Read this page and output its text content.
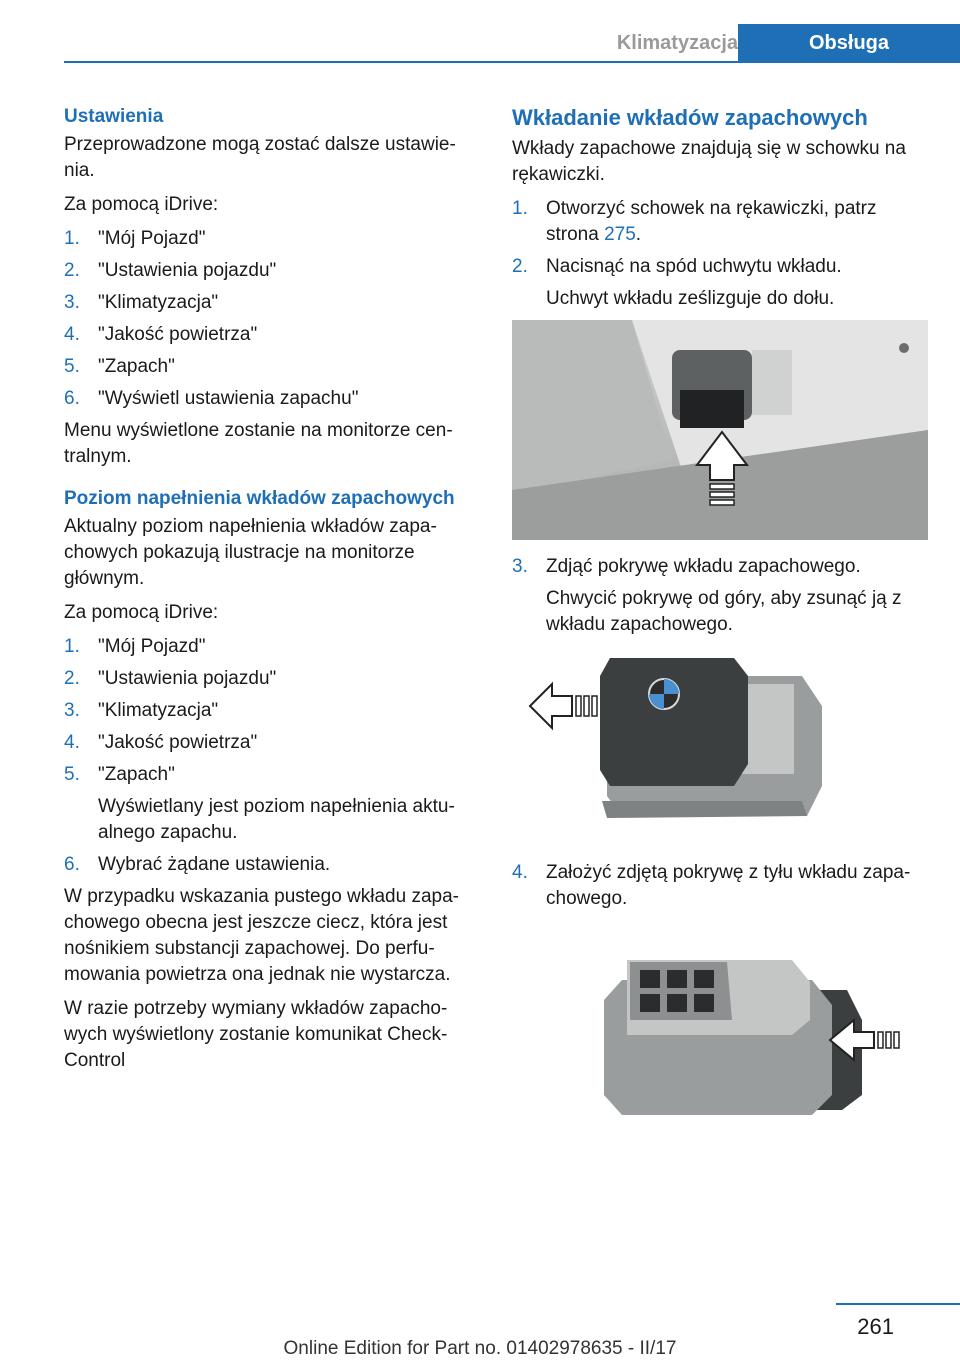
Klimatyzacja	Obsługa
Ustawienia

Przeprowadzone mogą zostać dalsze ustawienia.

Za pomocą iDrive:

1. "Mój Pojazd"
2. "Ustawienia pojazdu"
3. "Klimatyzacja"
4. "Jakość powietrza"
5. "Zapach"
6. "Wyświetl ustawienia zapachu"

Menu wyświetlone zostanie na monitorze centralnym.

Poziom napełnienia wkładów zapachowych

Aktualny poziom napełnienia wkładów zapachowych pokazują ilustracje na monitorze głównym.

Za pomocą iDrive:

1. "Mój Pojazd"
2. "Ustawienia pojazdu"
3. "Klimatyzacja"
4. "Jakość powietrza"
5. "Zapach"
Wyświetlany jest poziom napełnienia aktualnego zapachu.
6. Wybrać żądane ustawienia.

W przypadku wskazania pustego wkładu zapachowego obecna jest jeszcze ciecz, która jest nośnikiem substancji zapachowej. Do perfumowania powietrza ona jednak nie wystarcza.

W razie potrzeby wymiany wkładów zapachowych wyświetlony zostanie komunikat Check-Control

Wkładanie wkładów zapachowych

Wkłady zapachowe znajdują się w schowku na rękawiczki.

1. Otworzyć schowek na rękawiczki, patrz strona 275.
2. Nacisnąć na spód uchwytu wkładu.
Uchwyt wkładu ześlizguje do dołu.
3. Zdjąć pokrywę wkładu zapachowego.
Chwycić pokrywę od góry, aby zsunąć ją z wkładu zapachowego.
4. Założyć zdjętą pokrywę z tyłu wkładu zapachowego.
261
Online Edition for Part no. 01402978635 - II/17
